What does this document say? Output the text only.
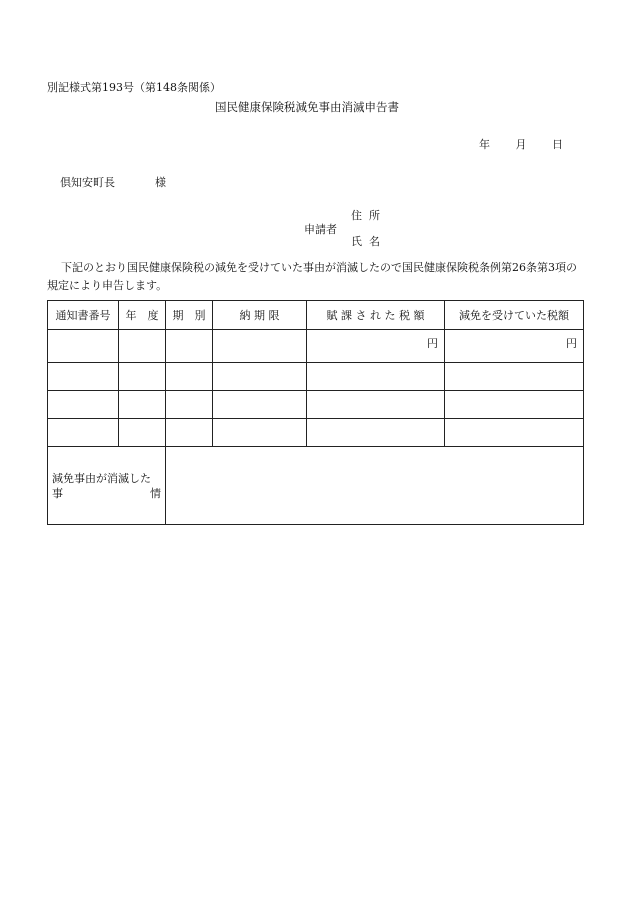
別記様式第193号（第148条関係）
国民健康保険税減免事由消滅申告書
年 月 日
倶知安町長	様
申請者
住所
氏名
下記のとおり国民健康保険税の減免を受けていた事由が消滅したので国民健康保険税条例第26条第3項の規定により申告します。
通知書番号	年　度	期　別	納 期 限	賦 課 さ れ た 税 額	減免を受けていた税額
				円	円

減免事由が消滅した
事 情					
